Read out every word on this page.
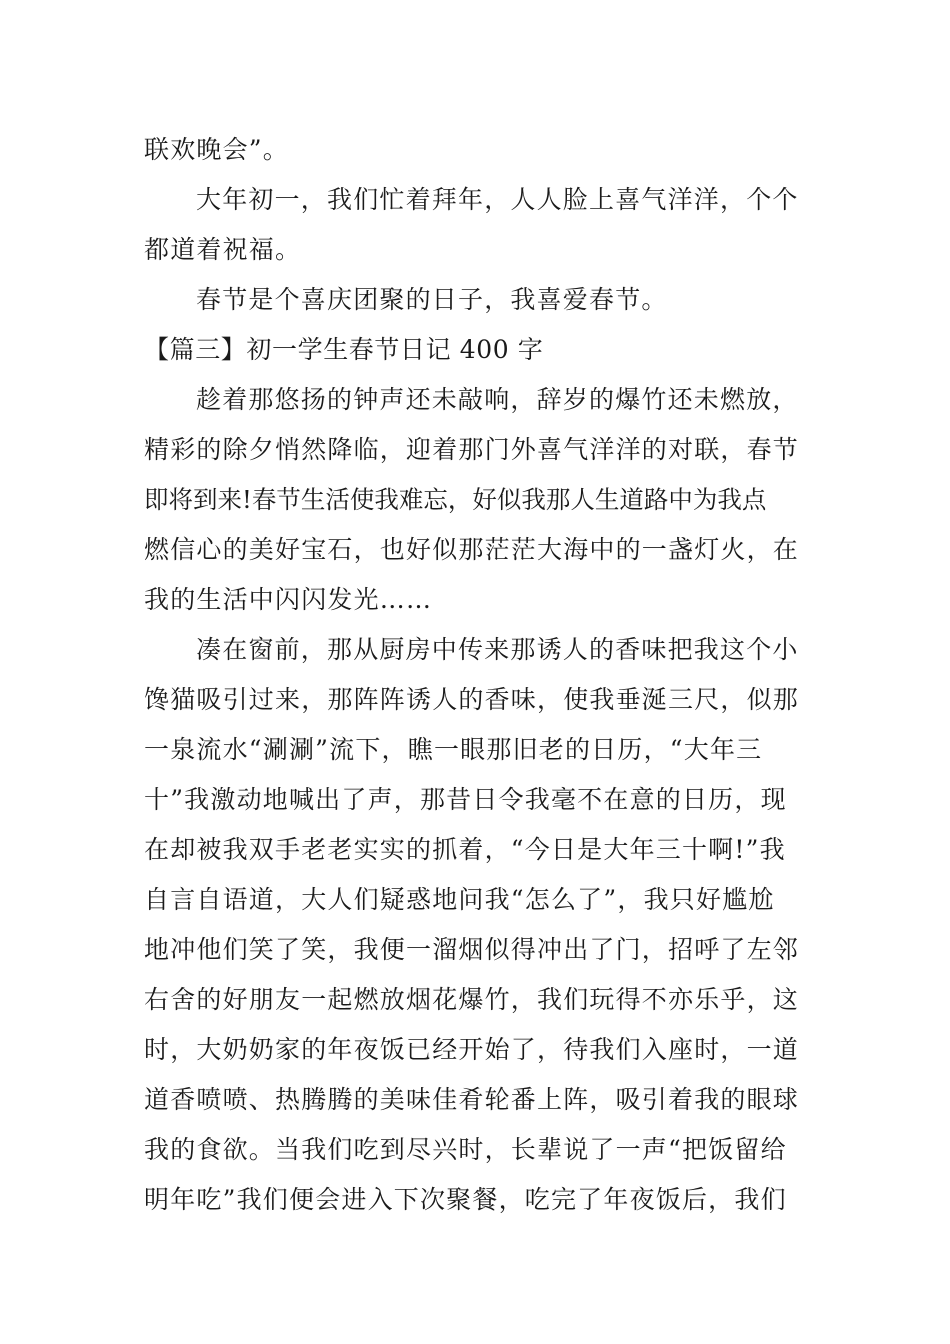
联欢晚会”。

大年初一，我们忙着拜年，人人脸上喜气洋洋，个个

都道着祝福。

春节是个喜庆团聚的日子，我喜爱春节。

【篇三】初一学生春节日记 400 字

趁着那悠扬的钟声还未敲响，辞岁的爆竹还未燃放，

精彩的除夕悄然降临，迎着那门外喜气洋洋的对联，春节

即将到来!春节生活使我难忘，好似我那人生道路中为我点

燃信心的美好宝石，也好似那茫茫大海中的一盏灯火，在

我的生活中闪闪发光……

凑在窗前，那从厨房中传来那诱人的香味把我这个小

馋猫吸引过来，那阵阵诱人的香味，使我垂涎三尺，似那

一泉流水“涮涮”流下，瞧一眼那旧老的日历，“大年三

十”我激动地喊出了声，那昔日令我毫不在意的日历，现

在却被我双手老老实实的抓着，“今日是大年三十啊!”我

自言自语道，大人们疑惑地问我“怎么了”，我只好尴尬

地冲他们笑了笑，我便一溜烟似得冲出了门，招呼了左邻

右舍的好朋友一起燃放烟花爆竹，我们玩得不亦乐乎，这

时，大奶奶家的年夜饭已经开始了，待我们入座时，一道

道香喷喷、热腾腾的美味佳肴轮番上阵，吸引着我的眼球

我的食欲。当我们吃到尽兴时，长辈说了一声“把饭留给

明年吃”我们便会进入下次聚餐，吃完了年夜饭后，我们
